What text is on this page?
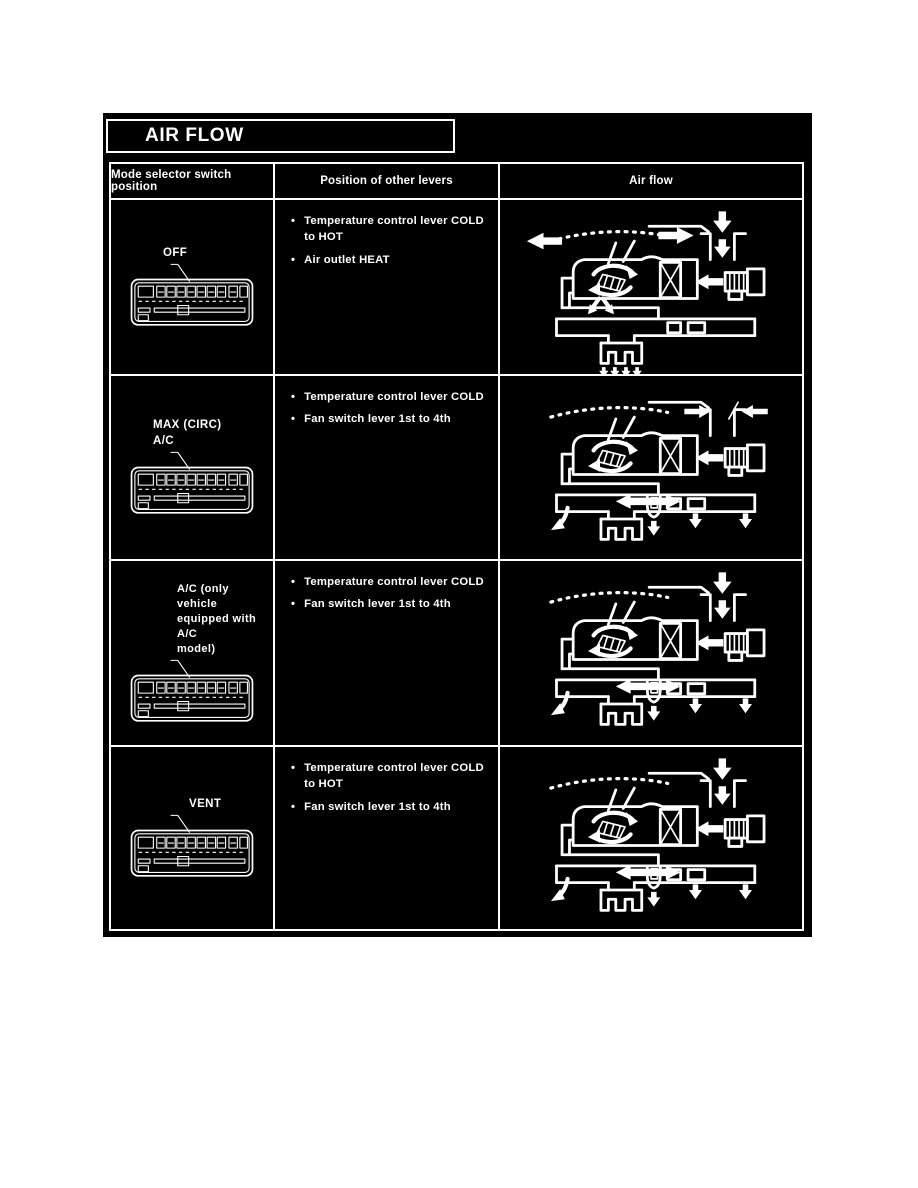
AIR FLOW
Mode selector switch position	Position of other levers	Air flow
OFF
• Temperature control lever COLD to HOT
• Air outlet HEAT
MAX (CIRC)
A/C
• Temperature control lever COLD
• Fan switch lever 1st to 4th
A/C (only vehicle
equipped with A/C
model)
• Temperature control lever COLD
• Fan switch lever 1st to 4th
VENT
• Temperature control lever COLD to HOT
• Fan switch lever 1st to 4th
